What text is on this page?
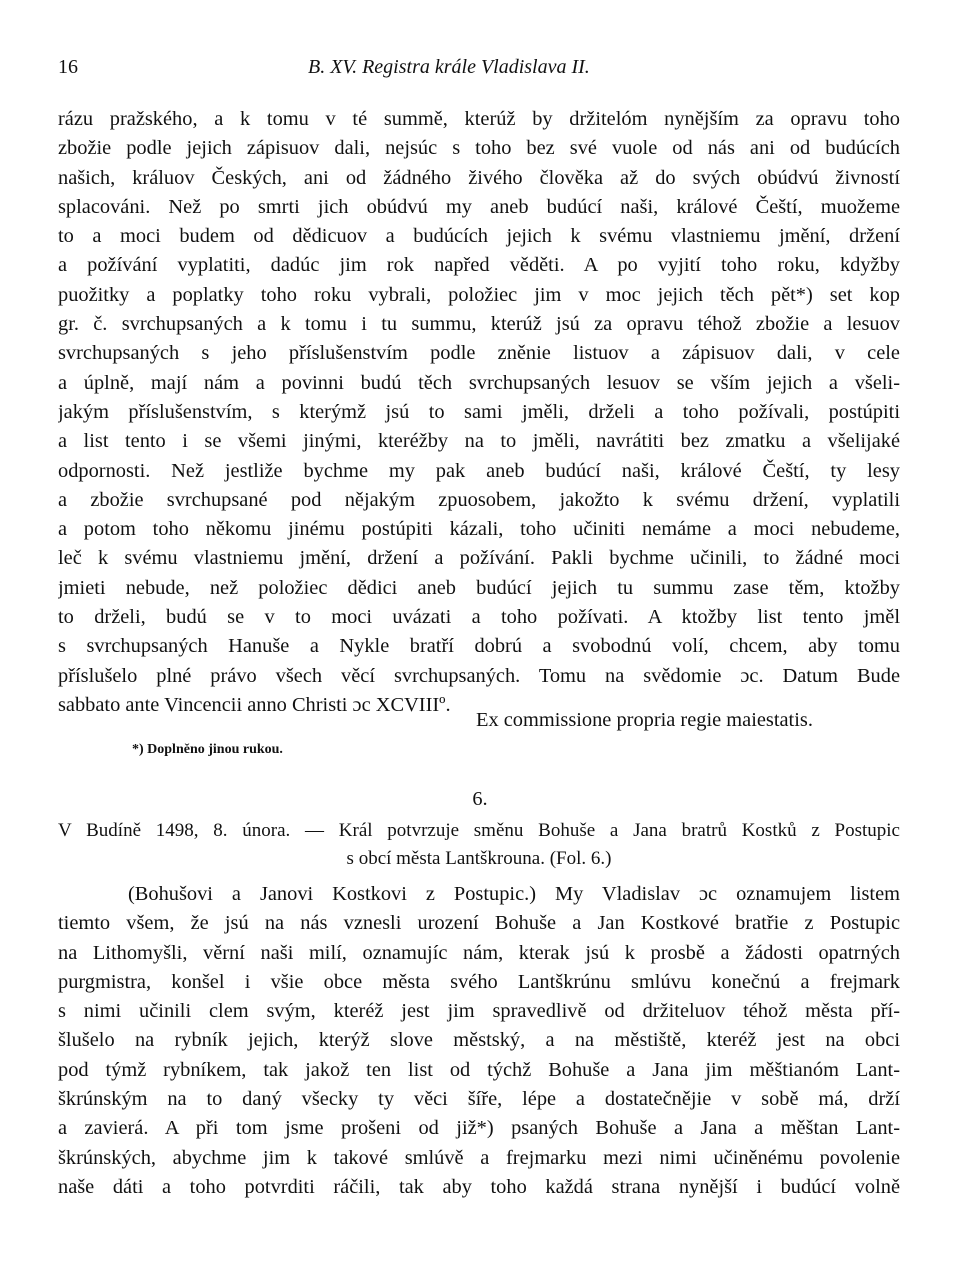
16	B. XV. Registra krále Vladislava II.
rázu pražského, a k tomu v té summě, kterúž by držitelóm nynějším za opravu toho
zbožie podle jejich zápisuov dali, nejsúc s toho bez své vuole od nás ani od budúcích
našich, králuov Českých, ani od žádného živého člověka až do svých obúdvú živností
splacováni. Než po smrti jich obúdvú my aneb budúcí naši, králové Čeští, muožeme
to a moci budem od dědicuov a budúcích jejich k svému vlastniemu jmění, držení
a požívání vyplatiti, dadúc jim rok napřed věděti. A po vyjití toho roku, kdyžby
puožitky a poplatky toho roku vybrali, položiec jim v moc jejich těch pět*) set kop
gr. č. svrchupsaných a k tomu i tu summu, kterúž jsú za opravu téhož zbožie a lesuov
svrchupsaných s jeho příslušenstvím podle zněnie listuov a zápisuov dali, v cele
a úplně, mají nám a povinni budú těch svrchupsaných lesuov se vším jejich a všeli-
jakým příslušenstvím, s kterýmž jsú to sami jměli, drželi a toho požívali, postúpiti
a list tento i se všemi jinými, kteréžby na to jměli, navrátiti bez zmatku a všelijaké
odpornosti. Než jestliže bychme my pak aneb budúcí naši, králové Čeští, ty lesy
a zbožie svrchupsané pod nějakým zpuosobem, jakožto k svému držení, vyplatili
a potom toho někomu jinému postúpiti kázali, toho učiniti nemáme a moci nebudeme,
leč k svému vlastniemu jmění, držení a požívání. Pakli bychme učinili, to žádné moci
jmieti nebude, než položiec dědici aneb budúcí jejich tu summu zase těm, ktožby
to drželi, budú se v to moci uvázati a toho požívati. A ktožby list tento jměl
s svrchupsaných Hanuše a Nykle bratří dobrú a svobodnú volí, chcem, aby tomu
příslušelo plné právo všech věcí svrchupsaných. Tomu na svědomie ɔc. Datum Bude
sabbato ante Vincencii anno Christi ɔc XCVIIIº.
Ex commissione propria regie maiestatis.
*) Doplněno jinou rukou.
6.
V Budíně 1498, 8. února. — Král potvrzuje směnu Bohuše a Jana bratrů Kostků z Postupic
s obcí města Lantškrouna. (Fol. 6.)
(Bohušovi a Janovi Kostkovi z Postupic.) My Vladislav ɔc oznamujem listem
tiemto všem, že jsú na nás vznesli urození Bohuše a Jan Kostkové bratřie z Postupic
na Lithomyšli, věrní naši milí, oznamujíc nám, kterak jsú k prosbě a žádosti opatrných
purgmistra, konšel i všie obce města svého Lantškrúnu smlúvu konečnú a frejmark
s nimi učinili clem svým, kteréž jest jim spravedlivě od držiteluov téhož města pří-
šlušelo na rybník jejich, kterýž slove městský, a na městiště, kteréž jest na obci
pod týmž rybníkem, tak jakož ten list od týchž Bohuše a Jana jim měštianóm Lant-
škrúnským na to daný všecky ty věci šíře, lépe a dostatečnějie v sobě má, drží
a zavierá. A při tom jsme prošeni od již*) psaných Bohuše a Jana a měštan Lant-
škrúnských, abychme jim k takové smlúvě a frejmarku mezi nimi učiněnému povolenie
naše dáti a toho potvrditi ráčili, tak aby toho každá strana nynější i budúcí volně
